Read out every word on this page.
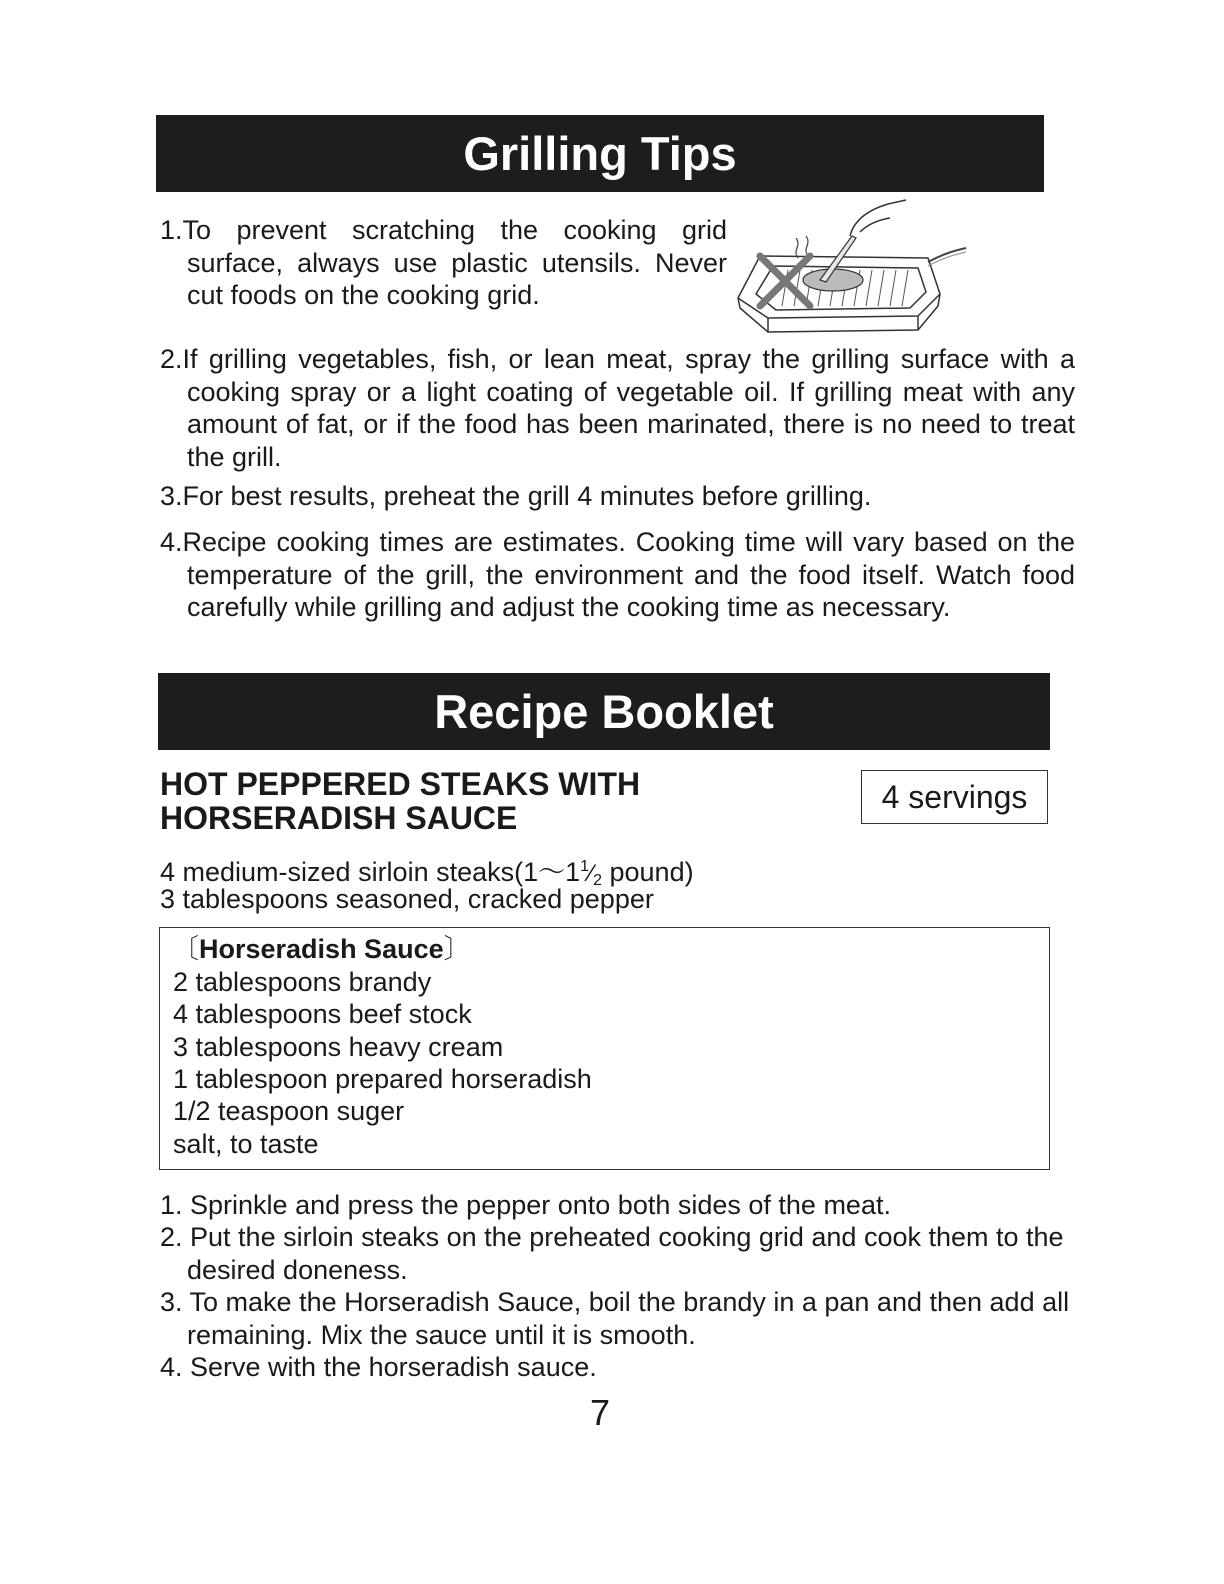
Grilling Tips

1.To prevent scratching the cooking grid surface, always use plastic utensils. Never cut foods on the cooking grid.

2.If grilling vegetables, fish, or lean meat, spray the grilling surface with a cooking spray or a light coating of vegetable oil. If grilling meat with any amount of fat, or if the food has been marinated, there is no need to treat the grill.

3.For best results, preheat the grill 4 minutes before grilling.

4.Recipe cooking times are estimates. Cooking time will vary based on the temperature of the grill, the environment and the food itself. Watch food carefully while grilling and adjust the cooking time as necessary.

Recipe Booklet
HOT PEPPERED STEAKS WITH
HORSERADISH SAUCE
4 servings
4 medium-sized sirloin $steaks(1\sim 1^1⁄_2$ pound)
3 tablespoons seasoned, cracked pepper
〔Horseradish Sauce〕
2 tablespoons brandy
4 tablespoons beef stock
3 tablespoons heavy cream
1 tablespoon prepared horseradish
1/2 teaspoon suger
salt, to taste

1. Sprinkle and press the pepper onto both sides of the meat.

2. Put the sirloin steaks on the preheated cooking grid and cook them to the desired doneness.

3. To make the Horseradish Sauce, boil the brandy in a pan and then add all remaining. Mix the sauce until it is smooth.

4. Serve with the horseradish sauce.

7
